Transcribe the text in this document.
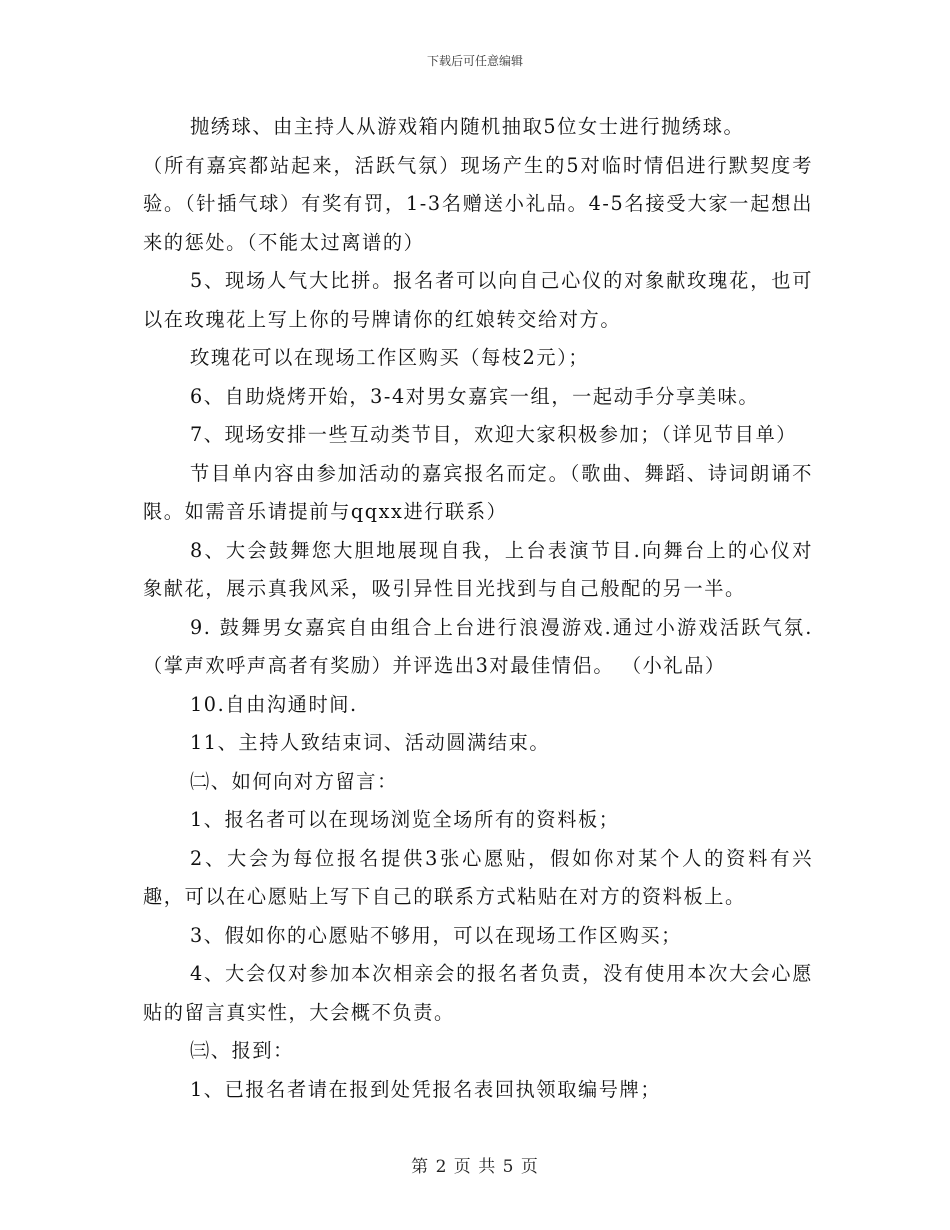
下载后可任意编辑

抛绣球、由主持人从游戏箱内随机抽取5位女士进行抛绣球。

（所有嘉宾都站起来，活跃气氛）现场产生的5对临时情侣进行默契度考验。（针插气球）有奖有罚，1-3名赠送小礼品。4-5名接受大家一起想出来的惩处。（不能太过离谱的）

5、现场人气大比拼。报名者可以向自己心仪的对象献玫瑰花，也可以在玫瑰花上写上你的号牌请你的红娘转交给对方。

玫瑰花可以在现场工作区购买（每枝2元）；

6、自助烧烤开始，3-4对男女嘉宾一组，一起动手分享美味。

7、现场安排一些互动类节目，欢迎大家积极参加；（详见节目单）

节目单内容由参加活动的嘉宾报名而定。（歌曲、舞蹈、诗词朗诵不限。如需音乐请提前与qqxx进行联系）

8、大会鼓舞您大胆地展现自我，上台表演节目.向舞台上的心仪对象献花，展示真我风采，吸引异性目光找到与自己般配的另一半。

9. 鼓舞男女嘉宾自由组合上台进行浪漫游戏.通过小游戏活跃气氛.（掌声欢呼声高者有奖励）并评选出3对最佳情侣。 （小礼品）

10.自由沟通时间.

11、主持人致结束词、活动圆满结束。

㈡、如何向对方留言：

1、报名者可以在现场浏览全场所有的资料板；

2、大会为每位报名提供3张心愿贴，假如你对某个人的资料有兴趣，可以在心愿贴上写下自己的联系方式粘贴在对方的资料板上。

3、假如你的心愿贴不够用，可以在现场工作区购买；

4、大会仅对参加本次相亲会的报名者负责，没有使用本次大会心愿贴的留言真实性，大会概不负责。

㈢、报到：

1、已报名者请在报到处凭报名表回执领取编号牌；

第 2 页 共 5 页
